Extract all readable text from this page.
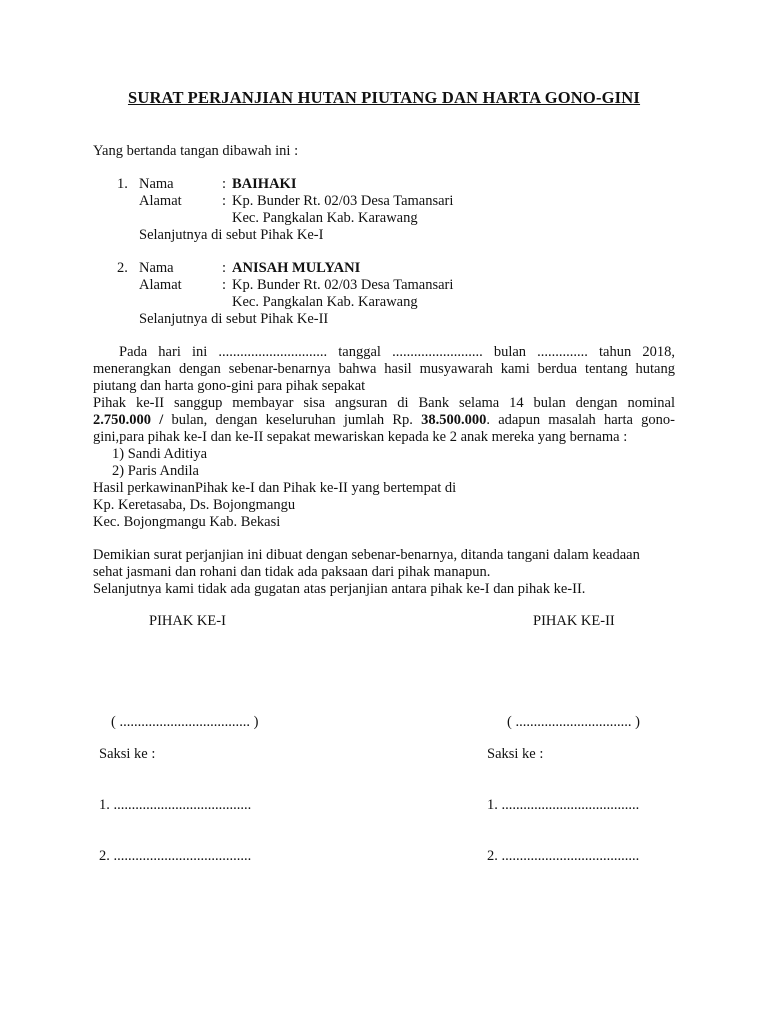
SURAT PERJANJIAN HUTAN PIUTANG DAN HARTA GONO-GINI
Yang bertanda tangan dibawah ini :
1. Nama	: BAIHAKI
Alamat	: Kp. Bunder Rt. 02/03 Desa Tamansari
Kec. Pangkalan Kab. Karawang
Selanjutnya di sebut Pihak Ke-I
2. Nama	: ANISAH MULYANI
Alamat	: Kp. Bunder Rt. 02/03 Desa Tamansari
Kec. Pangkalan Kab. Karawang
Selanjutnya di sebut Pihak Ke-II
Pada hari ini .............................. tanggal ......................... bulan .............. tahun 2018,
menerangkan dengan sebenar-benarnya bahwa hasil musyawarah kami berdua tentang hutang
piutang dan harta gono-gini para pihak sepakat
Pihak ke-II sanggup membayar sisa angsuran di Bank selama 14 bulan dengan nominal
2.750.000 / bulan, dengan keseluruhan jumlah Rp. 38.500.000. adapun masalah harta gono-
gini,para pihak ke-I dan ke-II sepakat mewariskan kepada ke 2 anak mereka yang bernama :
1) Sandi Aditiya
2) Paris Andila
Hasil perkawinanPihak ke-I dan Pihak ke-II yang bertempat di
Kp. Keretasaba, Ds. Bojongmangu
Kec. Bojongmangu Kab. Bekasi
Demikian surat perjanjian ini dibuat dengan sebenar-benarnya, ditanda tangani dalam keadaan
sehat jasmani dan rohani dan tidak ada paksaan dari pihak manapun.
Selanjutnya kami tidak ada gugatan atas perjanjian antara pihak ke-I dan pihak ke-II.
PIHAK KE-I	PIHAK KE-II
( .................................... )	( ................................ )
Saksi ke :	Saksi ke :
1. ......................................	1. ......................................
2. ......................................	2. ......................................
